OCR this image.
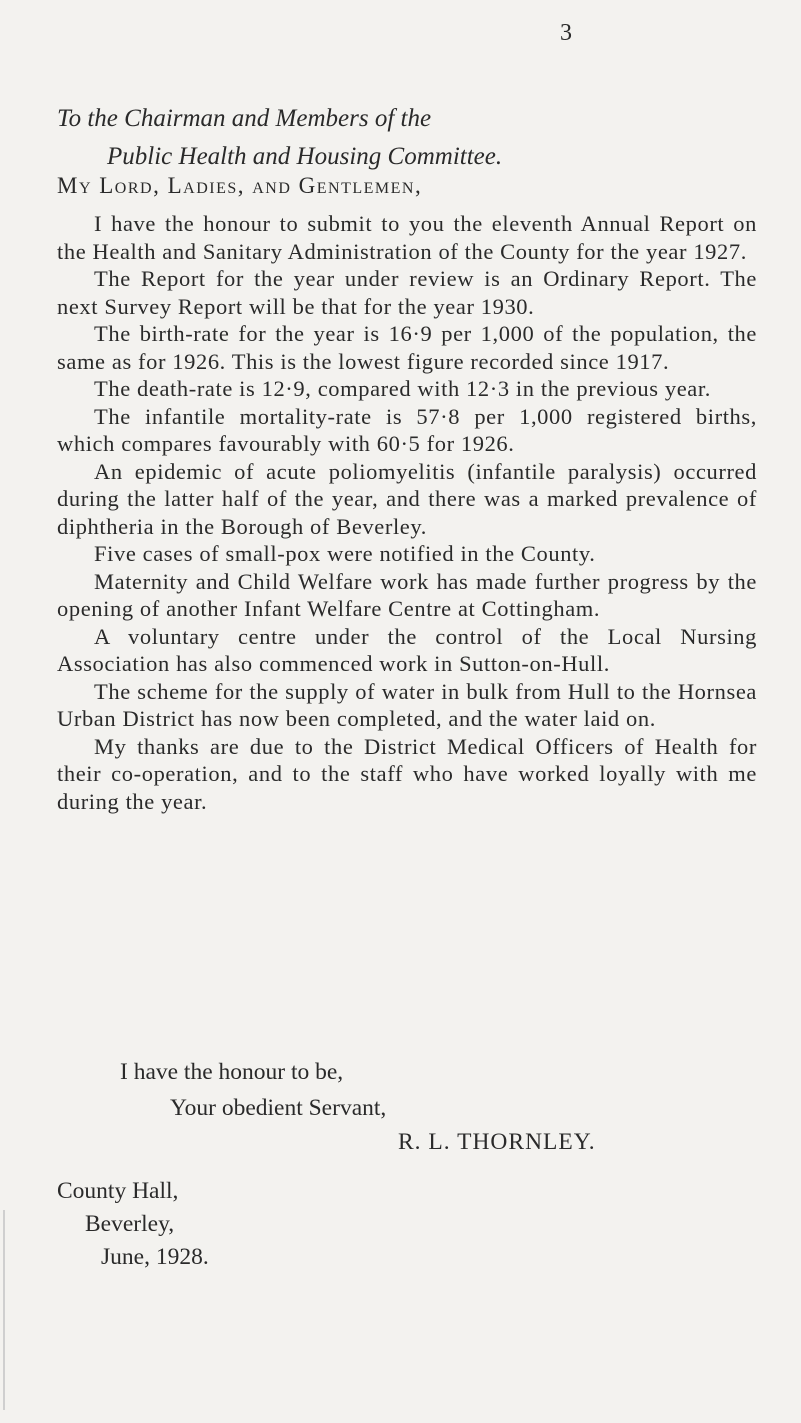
3
To the Chairman and Members of the
Public Health and Housing Committee.
My Lord, Ladies, and Gentlemen,

I have the honour to submit to you the eleventh Annual Report on the Health and Sanitary Administration of the County for the year 1927.

The Report for the year under review is an Ordinary Report. The next Survey Report will be that for the year 1930.

The birth-rate for the year is 16·9 per 1,000 of the population, the same as for 1926. This is the lowest figure recorded since 1917.

The death-rate is 12·9, compared with 12·3 in the previous year.

The infantile mortality-rate is 57·8 per 1,000 registered births, which compares favourably with 60·5 for 1926.

An epidemic of acute poliomyelitis (infantile paralysis) occurred during the latter half of the year, and there was a marked prevalence of diphtheria in the Borough of Beverley.

Five cases of small-pox were notified in the County.

Maternity and Child Welfare work has made further progress by the opening of another Infant Welfare Centre at Cottingham.

A voluntary centre under the control of the Local Nursing Association has also commenced work in Sutton-on-Hull.

The scheme for the supply of water in bulk from Hull to the Hornsea Urban District has now been completed, and the water laid on.

My thanks are due to the District Medical Officers of Health for their co-operation, and to the staff who have worked loyally with me during the year.

I have the honour to be,
Your obedient Servant,
R. L. THORNLEY.
County Hall,
Beverley,
June, 1928.
